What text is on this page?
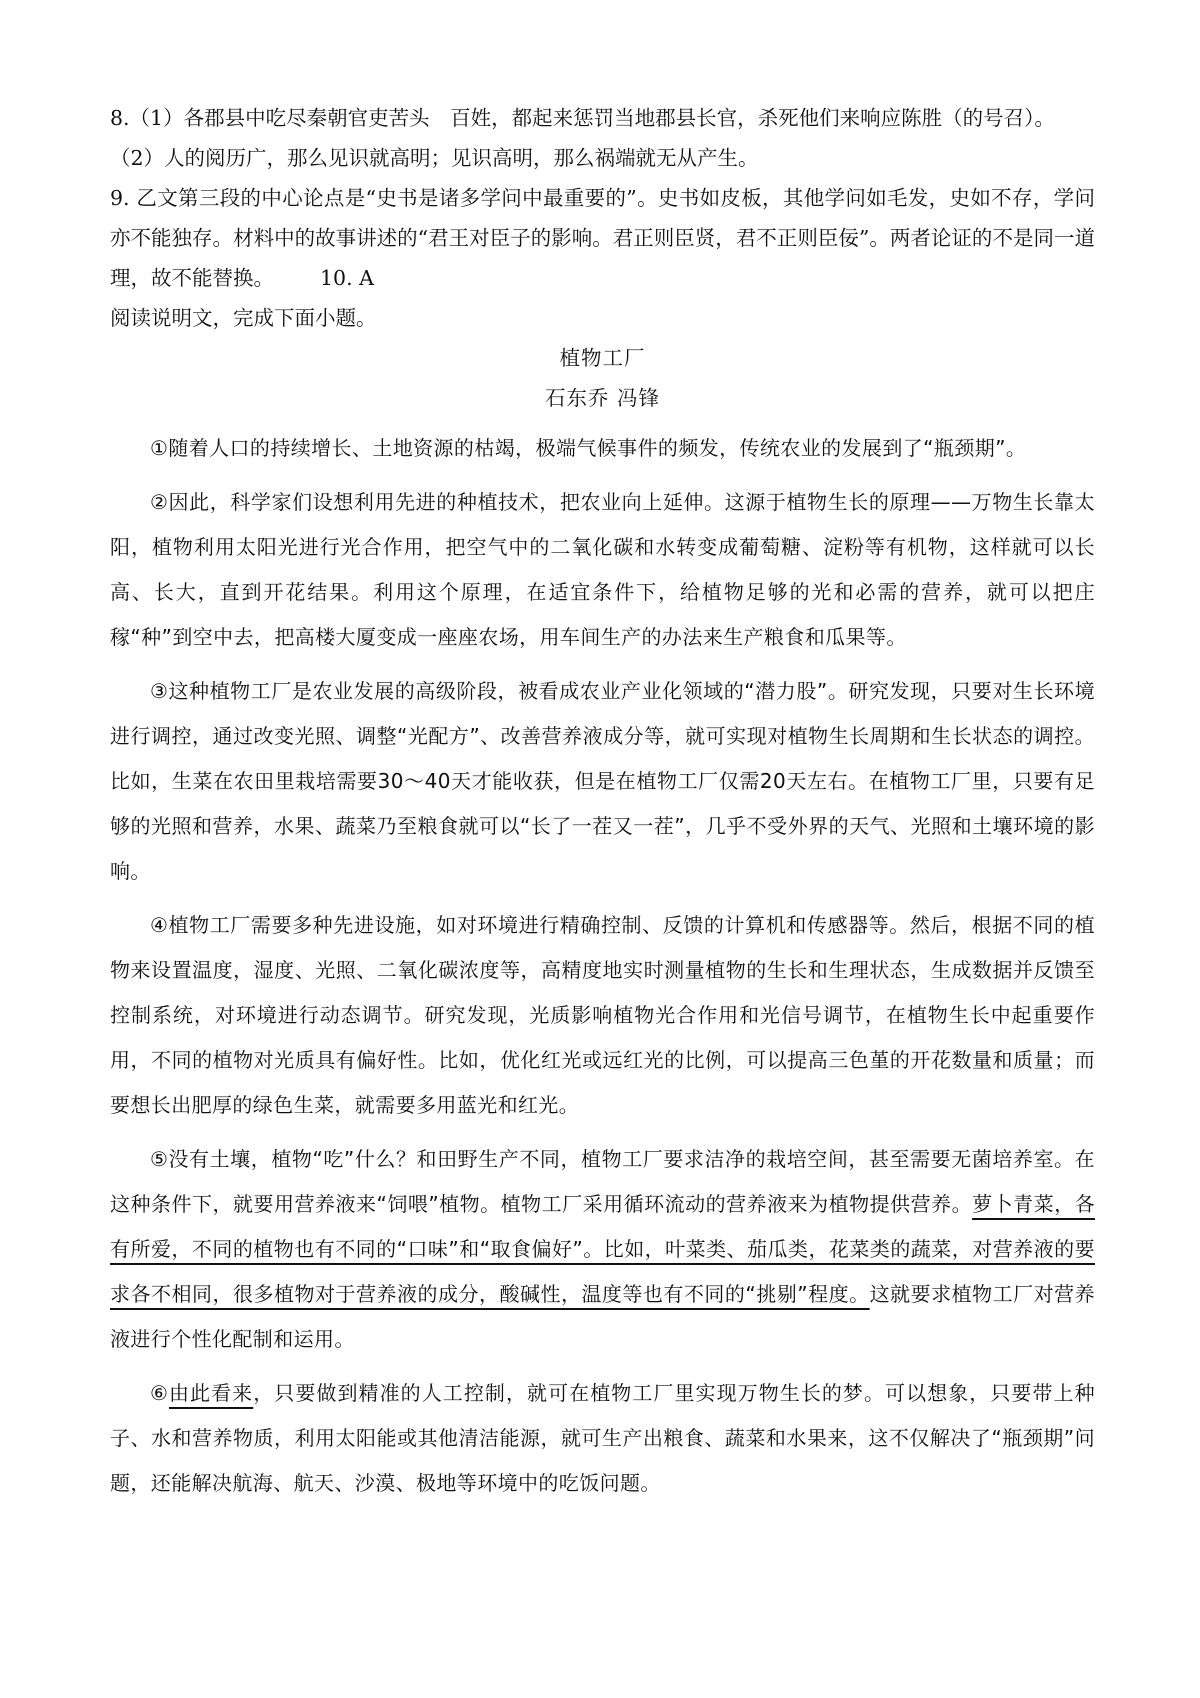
8.（1）各郡县中吃尽秦朝官吏苦头　百姓，都起来惩罚当地郡县长官，杀死他们来响应陈胜（的号召）。

（2）人的阅历广，那么见识就高明；见识高明，那么祸端就无从产生。

9. 乙文第三段的中心论点是“史书是诸多学问中最重要的”。史书如皮板，其他学问如毛发，史如不存，学问亦不能独存。材料中的故事讲述的“君王对臣子的影响。君正则臣贤，君不正则臣佞”。两者论证的不是同一道理，故不能替换。 10. A

阅读说明文，完成下面小题。

植物工厂

石东乔 冯锋

①随着人口的持续增长、土地资源的枯竭，极端气候事件的频发，传统农业的发展到了“瓶颈期”。

②因此，科学家们设想利用先进的种植技术，把农业向上延伸。这源于植物生长的原理——万物生长靠太阳，植物利用太阳光进行光合作用，把空气中的二氧化碳和水转变成葡萄糖、淀粉等有机物，这样就可以长高、长大，直到开花结果。利用这个原理，在适宜条件下，给植物足够的光和必需的营养，就可以把庄稼“种”到空中去，把高楼大厦变成一座座农场，用车间生产的办法来生产粮食和瓜果等。

③这种植物工厂是农业发展的高级阶段，被看成农业产业化领域的“潜力股”。研究发现，只要对生长环境进行调控，通过改变光照、调整“光配方”、改善营养液成分等，就可实现对植物生长周期和生长状态的调控。比如，生菜在农田里栽培需要30～40天才能收获，但是在植物工厂仅需20天左右。在植物工厂里，只要有足够的光照和营养，水果、蔬菜乃至粮食就可以“长了一茬又一茬”，几乎不受外界的天气、光照和土壤环境的影响。

④植物工厂需要多种先进设施，如对环境进行精确控制、反馈的计算机和传感器等。然后，根据不同的植物来设置温度，湿度、光照、二氧化碳浓度等，高精度地实时测量植物的生长和生理状态，生成数据并反馈至控制系统，对环境进行动态调节。研究发现，光质影响植物光合作用和光信号调节，在植物生长中起重要作用，不同的植物对光质具有偏好性。比如，优化红光或远红光的比例，可以提高三色堇的开花数量和质量；而要想长出肥厚的绿色生菜，就需要多用蓝光和红光。

⑤没有土壤，植物“吃”什么？和田野生产不同，植物工厂要求洁净的栽培空间，甚至需要无菌培养室。在这种条件下，就要用营养液来“饲喂”植物。植物工厂采用循环流动的营养液来为植物提供营养。萝卜青菜，各有所爱，不同的植物也有不同的“口味”和“取食偏好”。比如，叶菜类、茄瓜类，花菜类的蔬菜，对营养液的要求各不相同，很多植物对于营养液的成分，酸碱性，温度等也有不同的“挑剔”程度。这就要求植物工厂对营养液进行个性化配制和运用。

⑥由此看来，只要做到精准的人工控制，就可在植物工厂里实现万物生长的梦。可以想象，只要带上种子、水和营养物质，利用太阳能或其他清洁能源，就可生产出粮食、蔬菜和水果来，这不仅解决了“瓶颈期”问题，还能解决航海、航天、沙漠、极地等环境中的吃饭问题。
